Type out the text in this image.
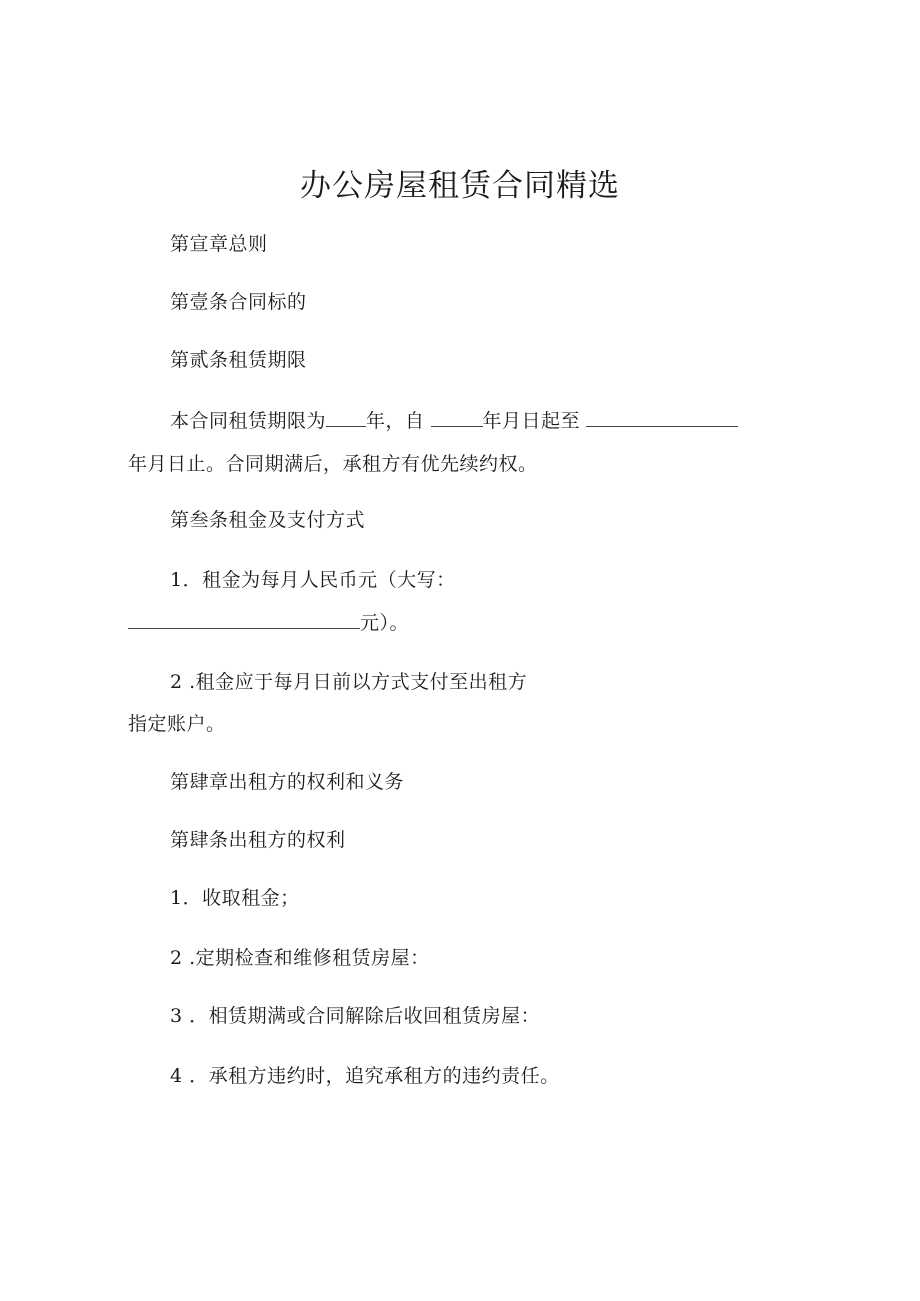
办公房屋租赁合同精选
第宣章总则
第壹条合同标的
第贰条租赁期限
本合同租赁期限为 年，自	年月日起至
年月日止。合同期满后，承租方有优先续约权。
第叁条租金及支付方式
1．租金为每月人民币元（大写：
元）。
2 .租金应于每月日前以方式支付至出租方
指定账户。
第肆章出租方的权利和义务
第肆条出租方的权利
1．收取租金；
2 .定期检查和维修租赁房屋：
3 ．相赁期满或合同解除后收回租赁房屋：
4 ．承租方违约时，追究承租方的违约责任。
